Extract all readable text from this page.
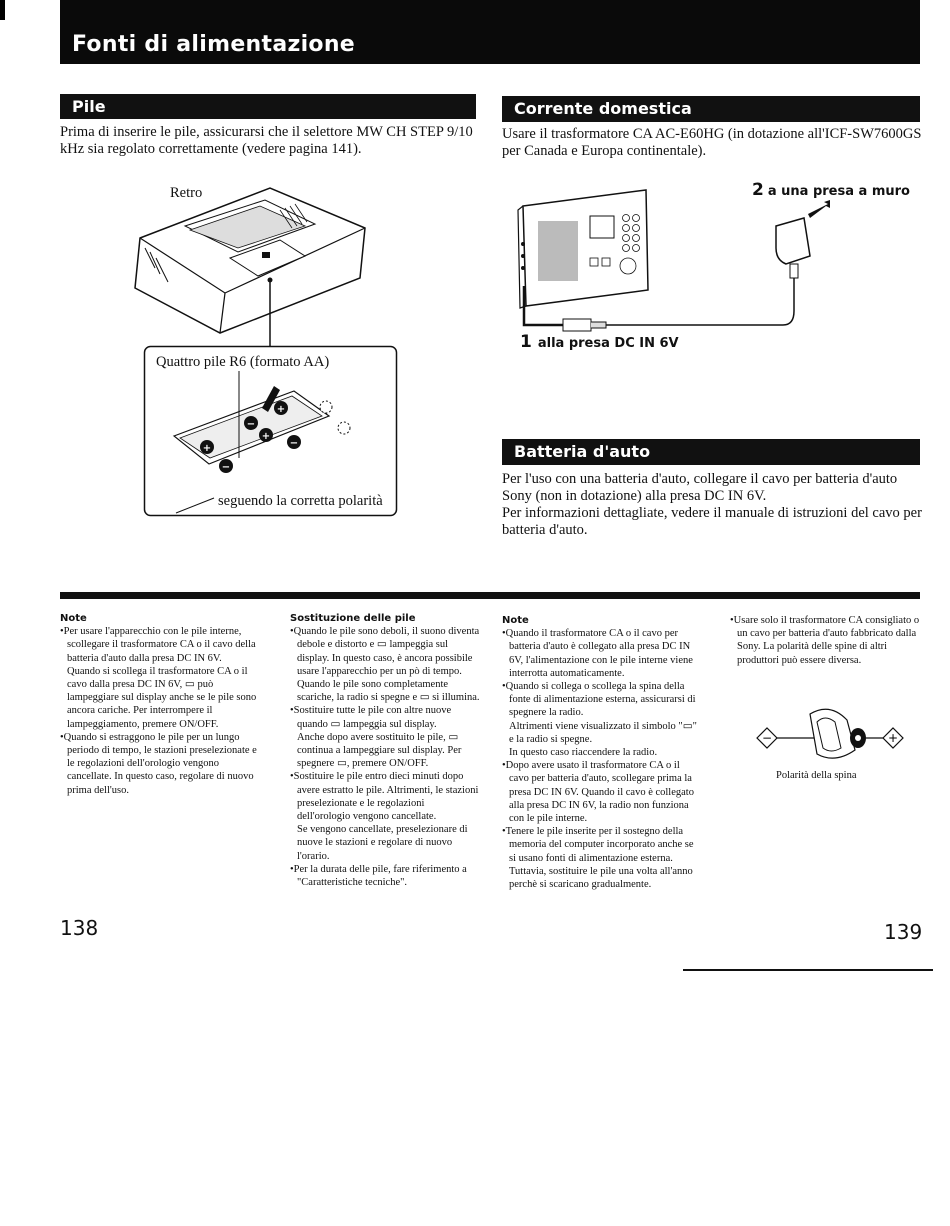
Fonti di alimentazione
Pile
Prima di inserire le pile, assicurarsi che il selettore MW CH STEP 9/10 kHz sia regolato correttamente (vedere pagina 141).
Retro
+
−
−
+
+
−
Quattro pile R6 (formato AA)
seguendo la corretta polarità
Corrente domestica
Usare il trasformatore CA AC-E60HG (in dotazione all'ICF-SW7600GS per Canada e Europa continentale).
2 a una presa a muro
1 alla presa DC IN 6V
Batteria d'auto
Per l'uso con una batteria d'auto, collegare il cavo per batteria d'auto Sony (non in dotazione) alla presa DC IN 6V.
Per informazioni dettagliate, vedere il manuale di istruzioni del cavo per batteria d'auto.
Note

•Per usare l'apparecchio con le pile interne, scollegare il trasformatore CA o il cavo della batteria d'auto dalla presa DC IN 6V.

Quando si scollega il trasformatore CA o il cavo dalla presa DC IN 6V, ▭ può lampeggiare sul display anche se le pile sono ancora cariche. Per interrompere il lampeggiamento, premere ON/OFF.

•Quando si estraggono le pile per un lungo periodo di tempo, le stazioni preselezionate e le regolazioni dell'orologio vengono cancellate. In questo caso, regolare di nuovo prima dell'uso.

Sostituzione delle pile

•Quando le pile sono deboli, il suono diventa debole e distorto e ▭ lampeggia sul display. In questo caso, è ancora possibile usare l'apparecchio per un pò di tempo.

Quando le pile sono completamente scariche, la radio si spegne e ▭ si illumina.

•Sostituire tutte le pile con altre nuove quando ▭ lampeggia sul display.

Anche dopo avere sostituito le pile, ▭ continua a lampeggiare sul display. Per spegnere ▭, premere ON/OFF.

•Sostituire le pile entro dieci minuti dopo avere estratto le pile. Altrimenti, le stazioni preselezionate e le regolazioni dell'orologio vengono cancellate.

Se vengono cancellate, preselezionare di nuove le stazioni e regolare di nuovo l'orario.

•Per la durata delle pile, fare riferimento a "Caratteristiche tecniche".

Note

•Quando il trasformatore CA o il cavo per batteria d'auto è collegato alla presa DC IN 6V, l'alimentazione con le pile interne viene interrotta automaticamente.

•Quando si collega o scollega la spina della fonte di alimentazione esterna, assicurarsi di spegnere la radio.

Altrimenti viene visualizzato il simbolo "▭" e la radio si spegne.

In questo caso riaccendere la radio.

•Dopo avere usato il trasformatore CA o il cavo per batteria d'auto, scollegare prima la presa DC IN 6V. Quando il cavo è collegato alla presa DC IN 6V, la radio non funziona con le pile interne.

•Tenere le pile inserite per il sostegno della memoria del computer incorporato anche se si usano fonti di alimentazione esterna.

Tuttavia, sostituire le pile una volta all'anno perchè si scaricano gradualmente.

•Usare solo il trasformatore CA consigliato o un cavo per batteria d'auto fabbricato dalla Sony. La polarità delle spine di altri produttori può essere diversa.

−	+
Polarità della spina
138	139
